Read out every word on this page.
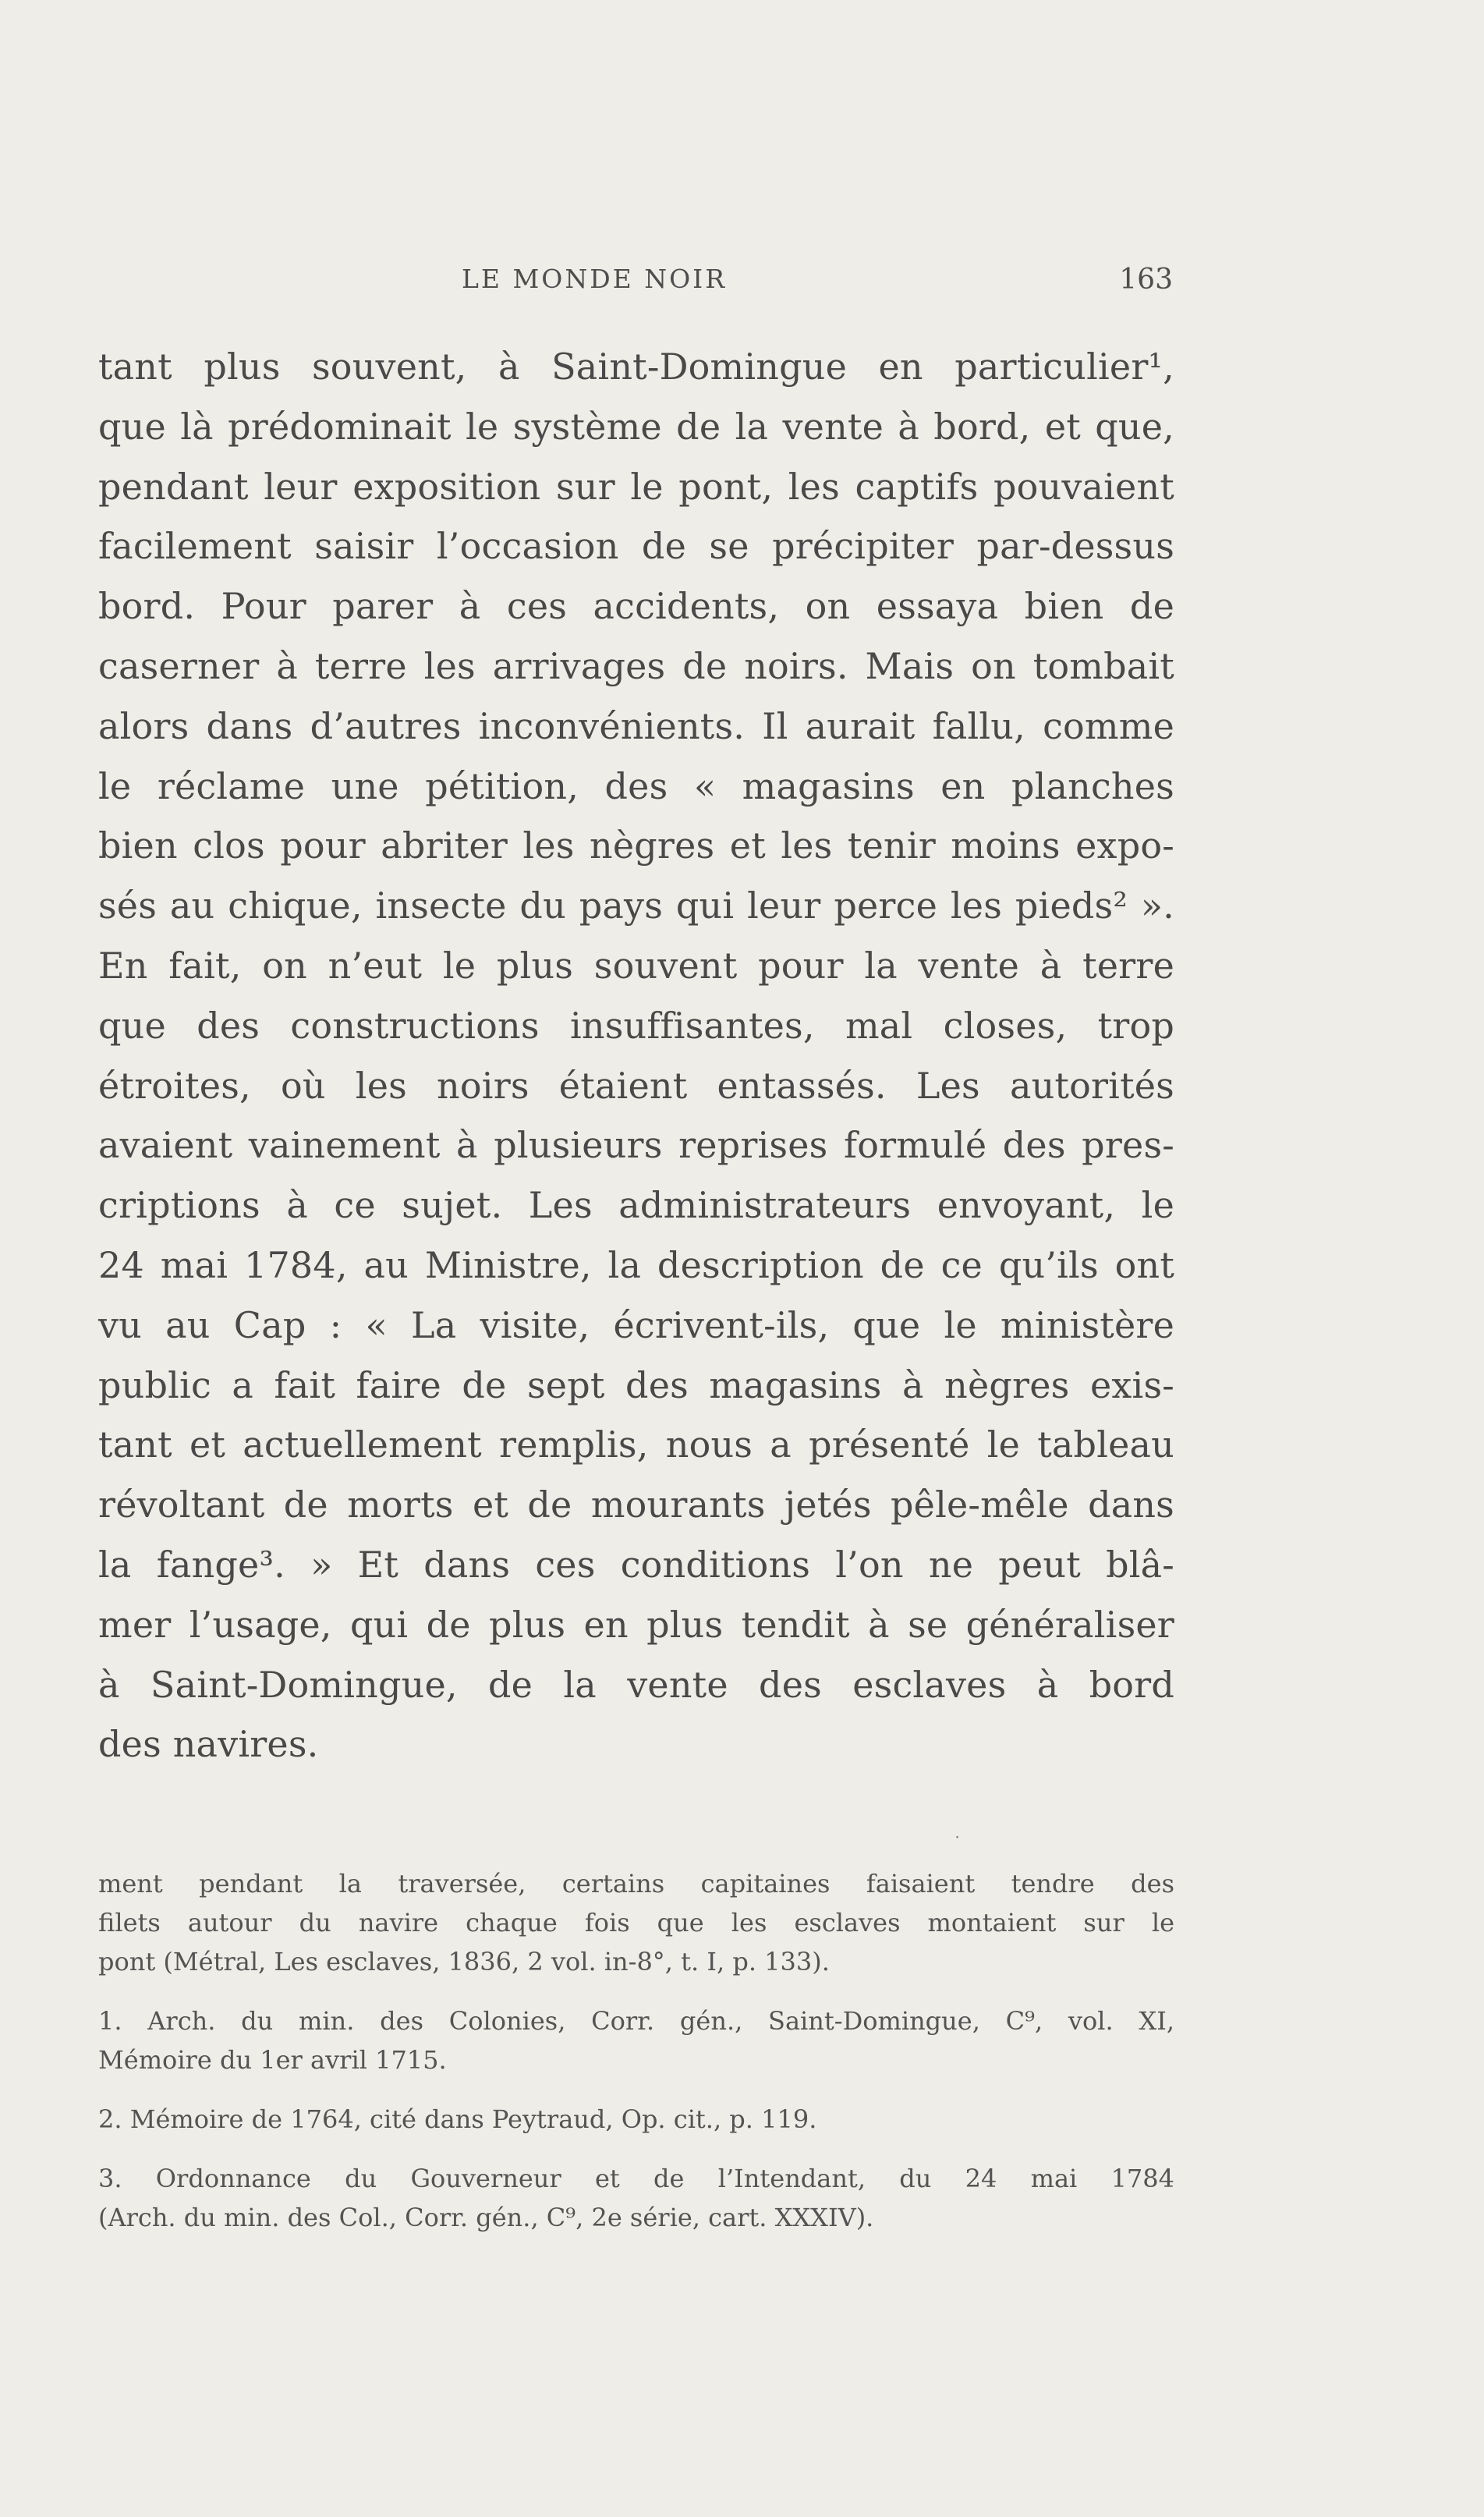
LE MONDE NOIR	163
tant plus souvent, à Saint-Domingue en particulier¹,
que là prédominait le système de la vente à bord, et que,
pendant leur exposition sur le pont, les captifs pouvaient
facilement saisir l’occasion de se précipiter par-dessus
bord. Pour parer à ces accidents, on essaya bien de
caserner à terre les arrivages de noirs. Mais on tombait
alors dans d’autres inconvénients. Il aurait fallu, comme
le réclame une pétition, des « magasins en planches
bien clos pour abriter les nègres et les tenir moins expo-
sés au chique, insecte du pays qui leur perce les pieds² ».
En fait, on n’eut le plus souvent pour la vente à terre
que des constructions insuffisantes, mal closes, trop
étroites, où les noirs étaient entassés. Les autorités
avaient vainement à plusieurs reprises formulé des pres-
criptions à ce sujet. Les administrateurs envoyant, le
24 mai 1784, au Ministre, la description de ce qu’ils ont
vu au Cap : « La visite, écrivent-ils, que le ministère
public a fait faire de sept des magasins à nègres exis-
tant et actuellement remplis, nous a présenté le tableau
révoltant de morts et de mourants jetés pêle-mêle dans
la fange³. » Et dans ces conditions l’on ne peut blâ-
mer l’usage, qui de plus en plus tendit à se généraliser
à Saint-Domingue, de la vente des esclaves à bord
des navires.
˙
ment pendant la traversée, certains capitaines faisaient tendre des
filets autour du navire chaque fois que les esclaves montaient sur le
pont (Métral, Les esclaves, 1836, 2 vol. in-8°, t. I, p. 133).
1. Arch. du min. des Colonies, Corr. gén., Saint-Domingue, C⁹, vol. XI,
Mémoire du 1er avril 1715.
2. Mémoire de 1764, cité dans Peytraud, Op. cit., p. 119.
3. Ordonnance du Gouverneur et de l’Intendant, du 24 mai 1784
(Arch. du min. des Col., Corr. gén., C⁹, 2e série, cart. XXXIV).
